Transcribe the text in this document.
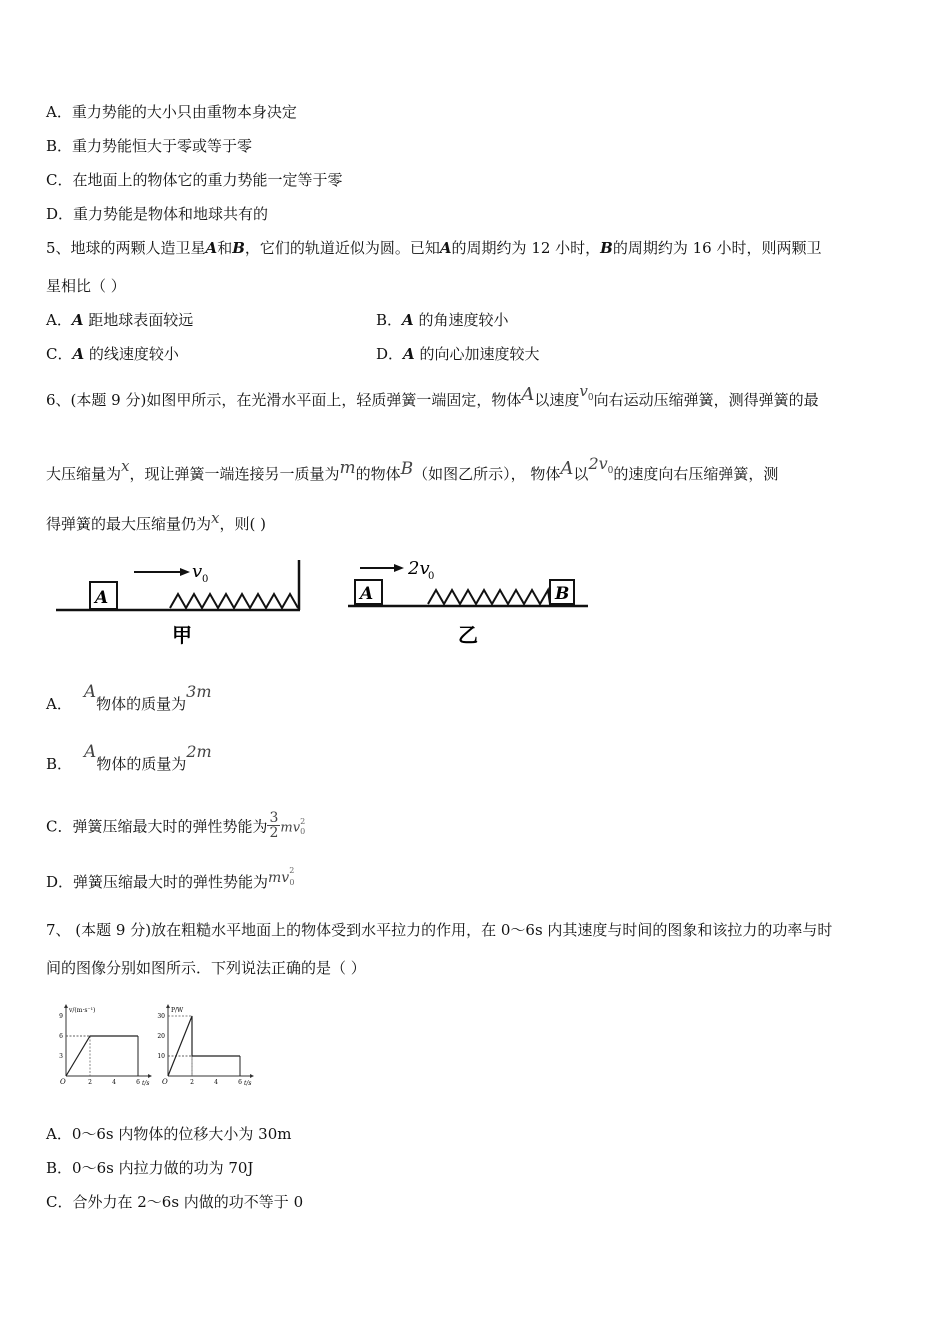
A．重力势能的大小只由重物本身决定
B．重力势能恒大于零或等于零
C．在地面上的物体它的重力势能一定等于零
D．重力势能是物体和地球共有的
5、地球的两颗人造卫星A和B，它们的轨道近似为圆。已知A的周期约为 12 小时，B的周期约为 16 小时，则两颗卫
星相比（ ）
A．A 距地球表面较远	B．A 的角速度较小
C．A 的线速度较小	D．A 的向心加速度较大
6、(本题 9 分)如图甲所示，在光滑水平面上，轻质弹簧一端固定，物体A以速度$v^0$向右运动压缩弹簧，测得弹簧的最
大压缩量为x，现让弹簧一端连接另一质量为m的物体B（如图乙所示）， 物体A以$2v^0$的速度向右压缩弹簧，测
得弹簧的最大压缩量仍为x，则( )
A
v 0
甲
A	B
2v
0
乙
A．A物体的质量为3m
B．A物体的质量为2m
C．弹簧压缩最大时的弹性势能为 $\frac{3}{2} mv20$
D．弹簧压缩最大时的弹性势能为mv20
7、 (本题 9 分)放在粗糙水平地面上的物体受到水平拉力的作用，在 0～6s 内其速度与时间的图象和该拉力的功率与时
间的图像分别如图所示．下列说法正确的是（ ）
v/(m·s⁻¹)
t/s
O
3
6
9
2	4	6
P/W
t/s
O
10
20
30
2	4	6
A．0～6s 内物体的位移大小为 30m
B．0～6s 内拉力做的功为 70J
C．合外力在 2～6s 内做的功不等于 0
